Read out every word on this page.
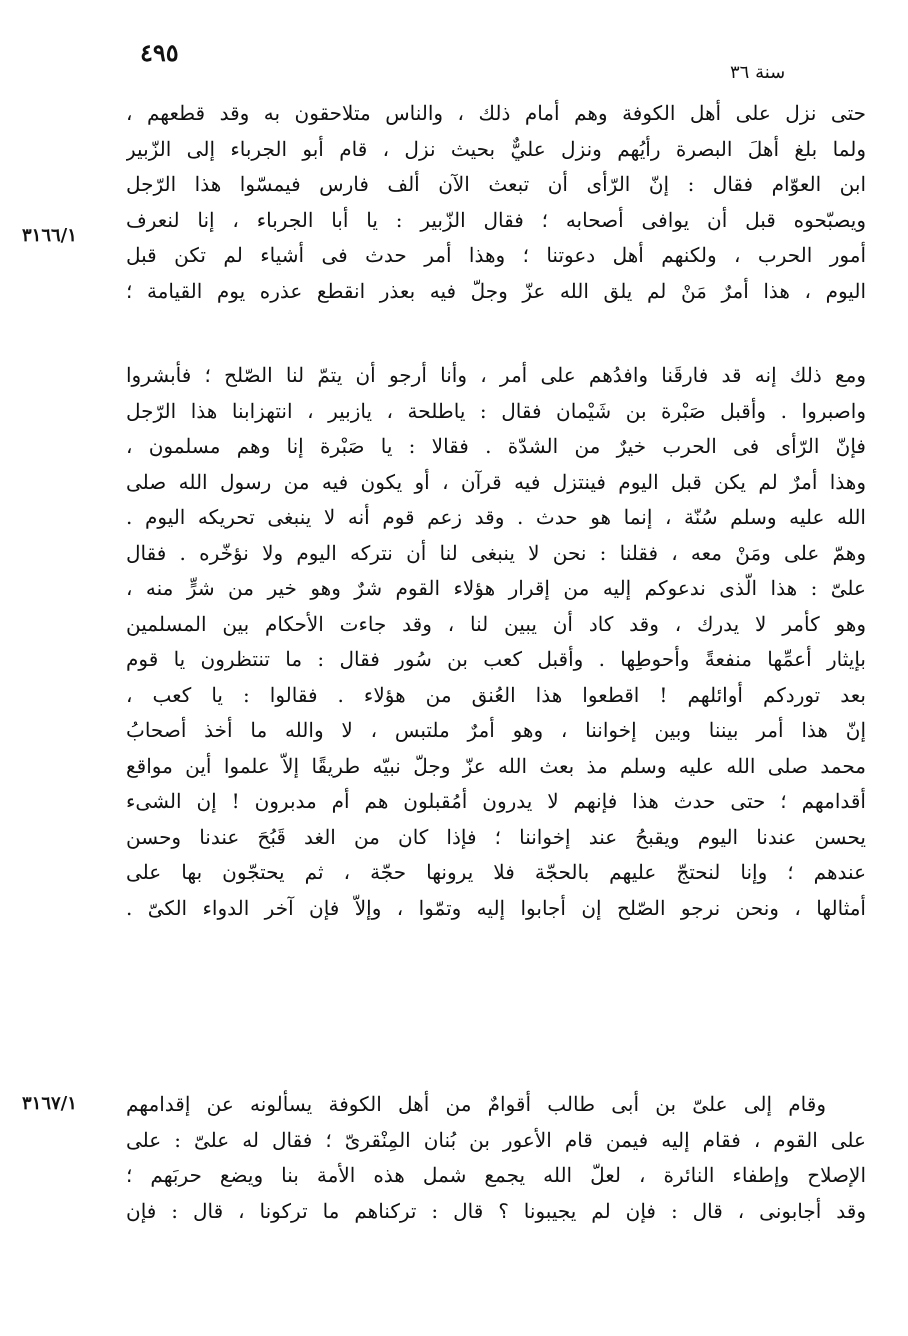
٤٩٥
سنة ٣٦
٣١٦٦/١
٣١٦٧/١
حتى نزل على أهل الكوفة وهم أمام ذلك ، والناس متلاحقون به وقد قطعهم ،
ولما بلغ أهلَ البصرة رأيُهم ونزل عليٌّ بحيث نزل ، قام أبو الجرباء إلى الزّبير
ابن العوّام فقال : إنّ الرّأى أن تبعث الآن ألف فارس فيمسّوا هذا الرّجل
ويصبّحوه قبل أن يوافى أصحابه ؛ فقال الزّبير : يا أبا الجرباء ، إنا لنعرف
أمور الحرب ، ولكنهم أهل دعوتنا ؛ وهذا أمر حدث فى أشياء لم تكن قبل
اليوم ، هذا أمرٌ مَنْ لم يلق الله عزّ وجلّ فيه بعذر انقطع عذره يوم القيامة ؛
ومع ذلك إنه قد فارقَنا وافدُهم على أمر ، وأنا أرجو أن يتمّ لنا الصّلح ؛ فأبشروا
واصبروا . وأقبل صَبْرة بن شَيْمان فقال : ياطلحة ، يازبير ، انتهزابنا هذا الرّجل
فإنّ الرّأى فى الحرب خيرٌ من الشدّة . فقالا : يا صَبْرة إنا وهم مسلمون ،
وهذا أمرٌ لم يكن قبل اليوم فينتزل فيه قرآن ، أو يكون فيه من رسول الله صلى
الله عليه وسلم سُنّة ، إنما هو حدث . وقد زعم قوم أنه لا ينبغى تحريكه اليوم .
وهمّ على ومَنْ معه ، فقلنا : نحن لا ينبغى لنا أن نتركه اليوم ولا نؤخّره . فقال
علىّ : هذا الّذى ندعوكم إليه من إقرار هؤلاء القوم شرٌ وهو خير من شرٍّ منه ،
وهو كأمر لا يدرك ، وقد كاد أن يبين لنا ، وقد جاءت الأحكام بين المسلمين
بإيثار أعمِّها منفعةً وأحوطِها . وأقبل كعب بن سُور فقال : ما تنتظرون يا قوم
بعد توردكم أوائلهم ! اقطعوا هذا العُنق من هؤلاء . فقالوا : يا كعب ،
إنّ هذا أمر بيننا وبين إخواننا ، وهو أمرٌ ملتبس ، لا والله ما أخذ أصحابُ
محمد صلى الله عليه وسلم مذ بعث الله عزّ وجلّ نبيّه طريقًا إلاّ علموا أين مواقع
أقدامهم ؛ حتى حدث هذا فإنهم لا يدرون أمُقبلون هم أم مدبرون ! إن الشىء
يحسن عندنا اليوم ويقبحُ عند إخواننا ؛ فإذا كان من الغد قَبُحَ عندنا وحسن
عندهم ؛ وإنا لنحتجّ عليهم بالحجّة فلا يرونها حجّة ، ثم يحتجّون بها على
أمثالها ، ونحن نرجو الصّلح إن أجابوا إليه وتمّوا ، وإلاّ فإن آخر الدواء الكىّ .
وقام إلى علىّ بن أبى طالب أقوامٌ من أهل الكوفة يسألونه عن إقدامهم
على القوم ، فقام إليه فيمن قام الأعور بن بُنان المِنْقرىّ ؛ فقال له علىّ : على
الإصلاح وإطفاء النائرة ، لعلّ الله يجمع شمل هذه الأمة بنا ويضع حربَهم ؛
وقد أجابونى ، قال : فإن لم يجيبونا ؟ قال : تركناهم ما تركونا ، قال : فإن
